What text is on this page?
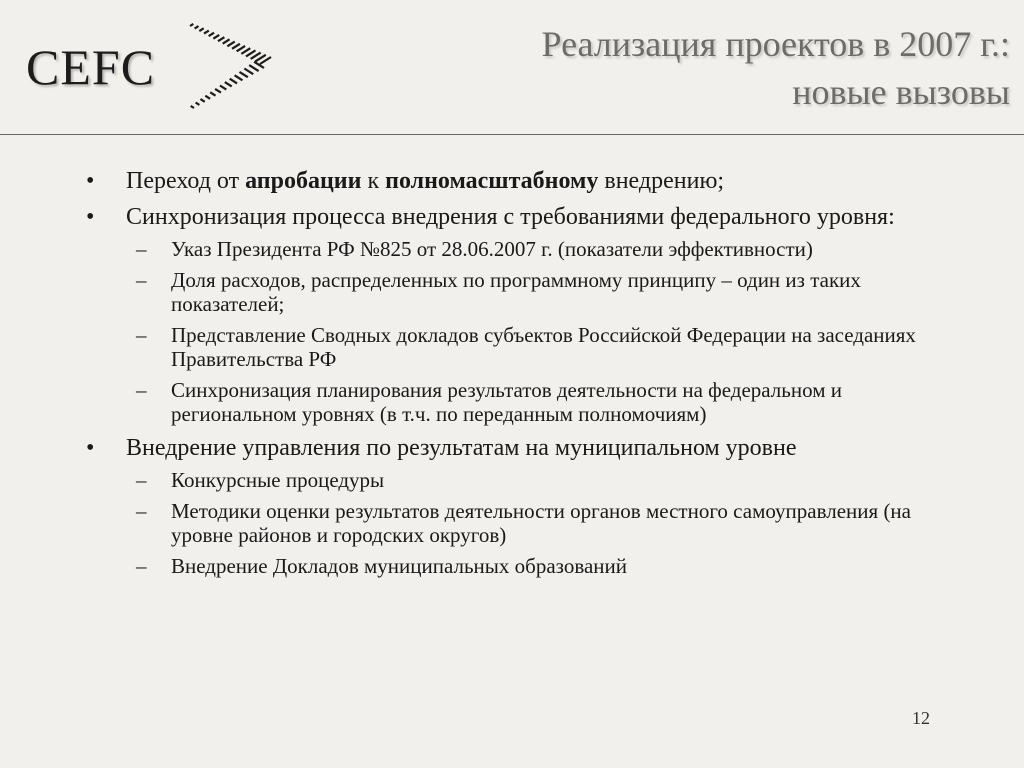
CEFC	Реализация проектов в 2007 г.:
новые вызовы
• Переход от апробации к полномасштабному внедрению;
• Синхронизация процесса внедрения с требованиями федерального уровня:
– Указ Президента РФ №825 от 28.06.2007 г. (показатели эффективности)
– Доля расходов, распределенных по программному принципу – один из таких показателей;
– Представление Сводных докладов субъектов Российской Федерации на заседаниях Правительства РФ
– Синхронизация планирования результатов деятельности на федеральном и региональном уровнях (в т.ч. по переданным полномочиям)
• Внедрение управления по результатам на муниципальном уровне
– Конкурсные процедуры
– Методики оценки результатов деятельности органов местного самоуправления (на уровне районов и городских округов)
– Внедрение Докладов муниципальных образований
12
